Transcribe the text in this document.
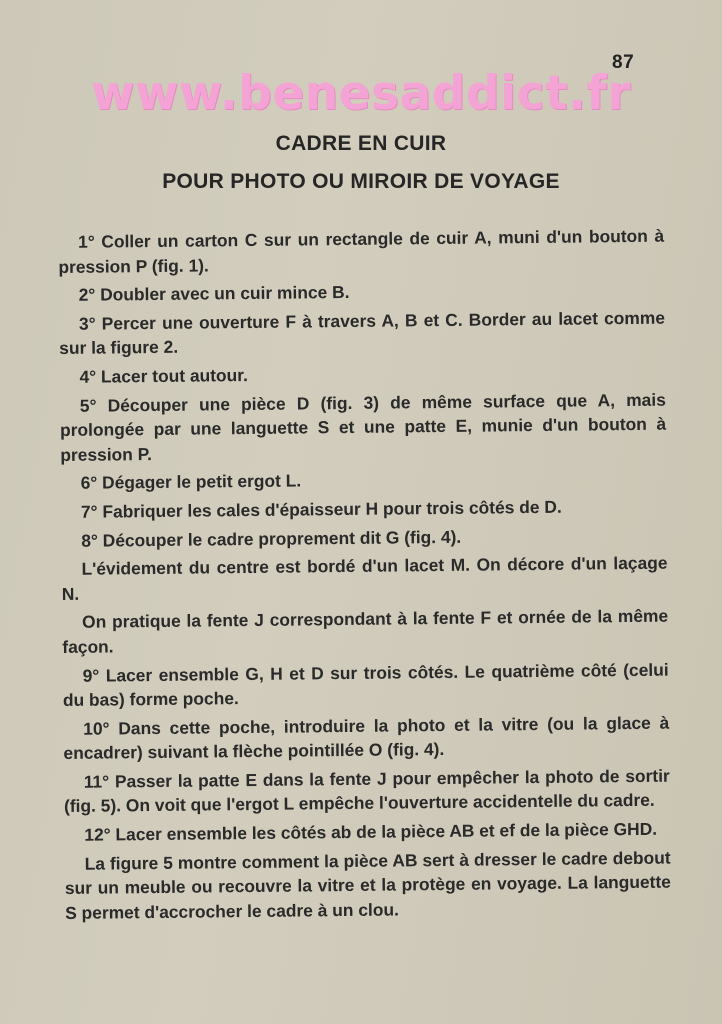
87
www.benesaddict.fr
CADRE EN CUIR
POUR PHOTO OU MIROIR DE VOYAGE

1° Coller un carton C sur un rectangle de cuir A, muni d'un bouton à pression P (fig. 1).

2° Doubler avec un cuir mince B.

3° Percer une ouverture F à travers A, B et C. Border au lacet comme sur la figure 2.

4° Lacer tout autour.

5° Découper une pièce D (fig. 3) de même surface que A, mais prolongée par une languette S et une patte E, munie d'un bouton à pression P.

6° Dégager le petit ergot L.

7° Fabriquer les cales d'épaisseur H pour trois côtés de D.

8° Découper le cadre proprement dit G (fig. 4).

L'évidement du centre est bordé d'un lacet M. On décore d'un laçage N.

On pratique la fente J correspondant à la fente F et ornée de la même façon.

9° Lacer ensemble G, H et D sur trois côtés. Le quatrième côté (celui du bas) forme poche.

10° Dans cette poche, introduire la photo et la vitre (ou la glace à encadrer) suivant la flèche pointillée O (fig. 4).

11° Passer la patte E dans la fente J pour empêcher la photo de sortir (fig. 5). On voit que l'ergot L empêche l'ouverture accidentelle du cadre.

12° Lacer ensemble les côtés ab de la pièce AB et ef de la pièce GHD.

La figure 5 montre comment la pièce AB sert à dresser le cadre debout sur un meuble ou recouvre la vitre et la protège en voyage. La languette S permet d'accrocher le cadre à un clou.
